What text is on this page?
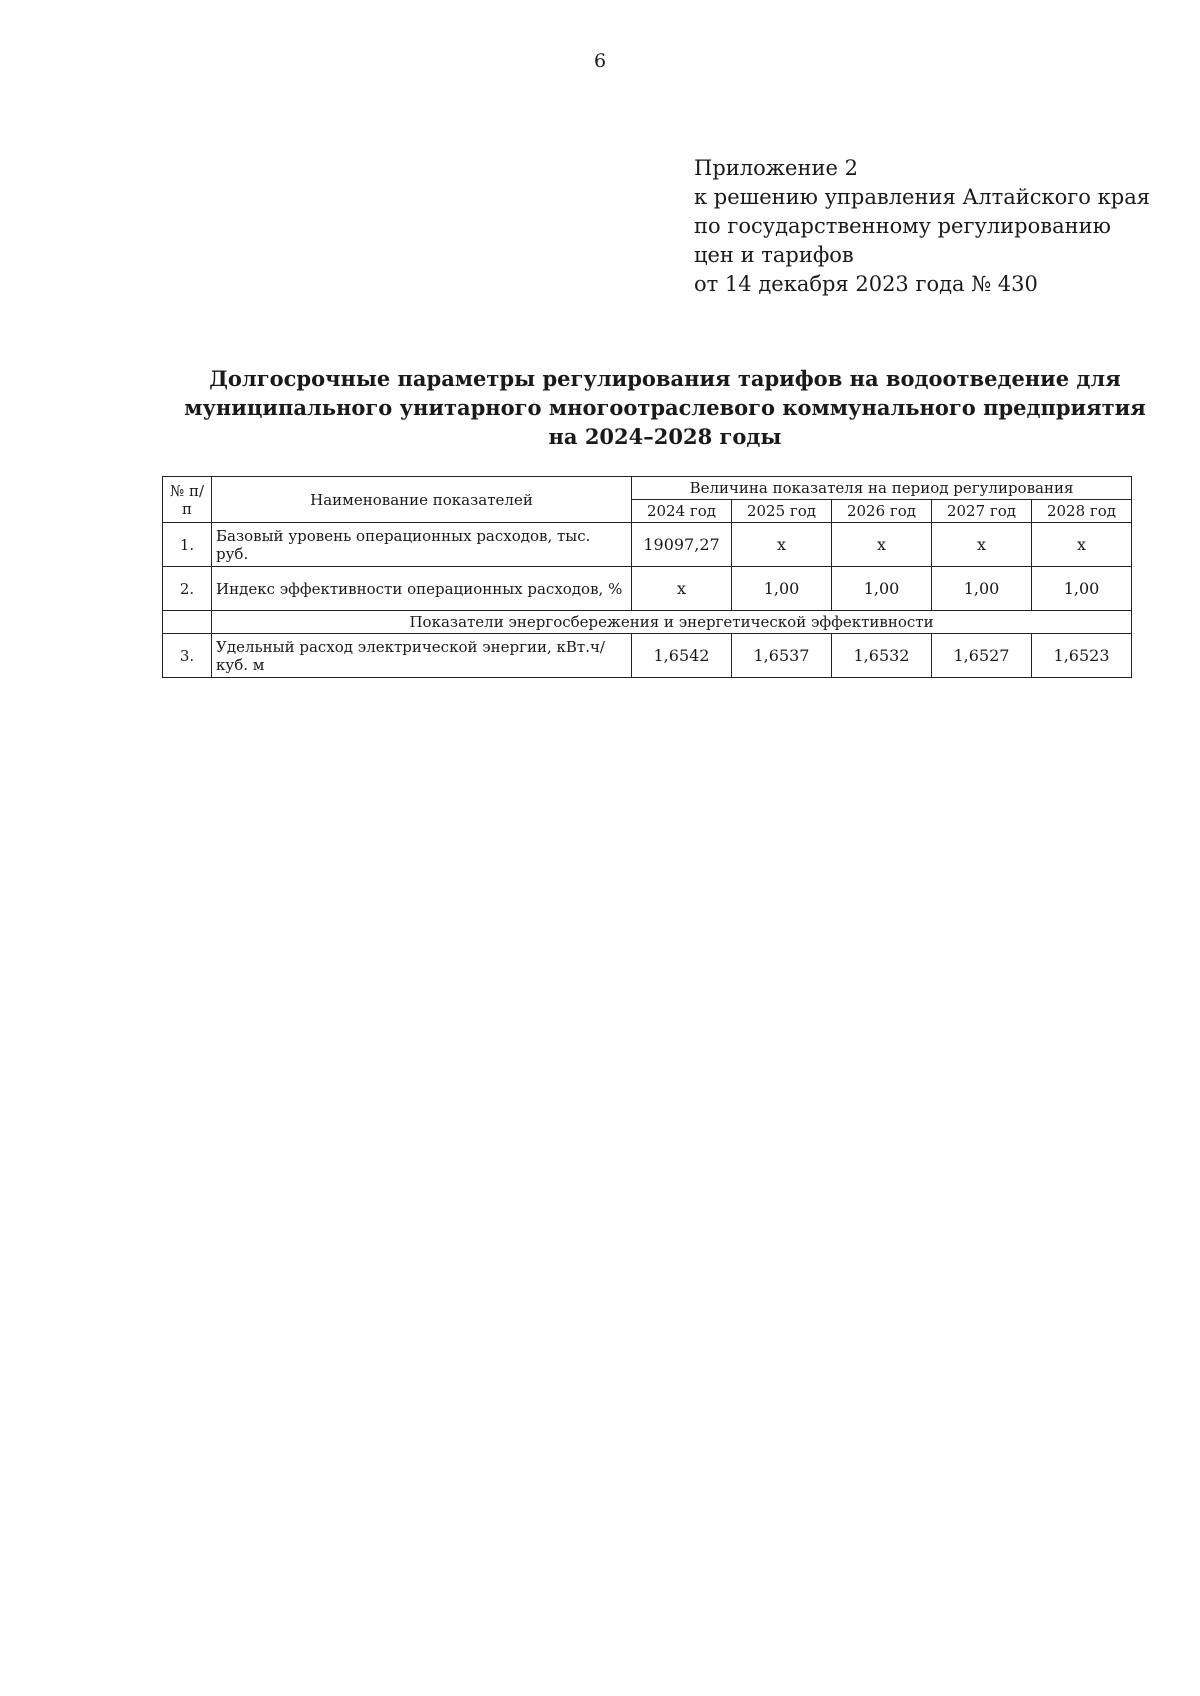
6
Приложение 2
к решению управления Алтайского края
по государственному регулированию
цен и тарифов
от 14 декабря 2023 года № 430
Долгосрочные параметры регулирования тарифов на водоотведение для
муниципального унитарного многоотраслевого коммунального предприятия
на 2024–2028 годы
№ п/п	Наименование показателей	Величина показателя на период регулирования				
		2024 год	2025 год	2026 год	2027 год	2028 год
1.	Базовый уровень операционных расходов, тыс. руб.	19097,27	х	х	х	х
2.	Индекс эффективности операционных расходов, %	х	1,00	1,00	1,00	1,00
	Показатели энергосбережения и энергетической эффективности					
3.	Удельный расход электрической энергии, кВт.ч/куб. м	1,6542	1,6537	1,6532	1,6527	1,6523
